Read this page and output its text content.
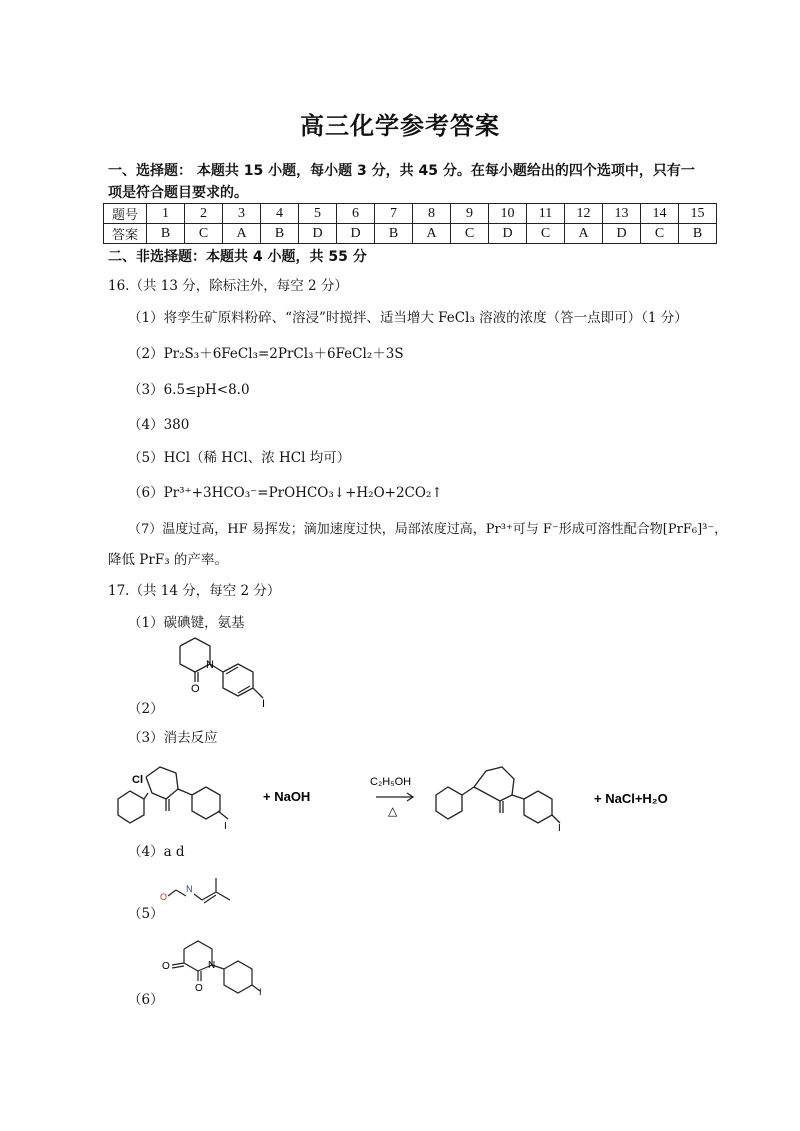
高三化学参考答案
一、选择题： 本题共 15 小题，每小题 3 分，共 45 分。在每小题给出的四个选项中，只有一项是符合题目要求的。
题号	1	2	3	4	5	6	7	8	9	10	11	12	13	14	15
答案	B	C	A	B	D	D	B	A	C	D	C	A	D	C	B
二、非选择题：本题共 4 小题，共 55 分
16.（共 13 分，除标注外，每空 2 分）
（1）将孪生矿原料粉碎、“溶浸”时搅拌、适当增大 FeCl₃ 溶液的浓度（答一点即可）（1 分）
（2）Pr₂S₃＋6FeCl₃=2PrCl₃＋6FeCl₂＋3S
（3）6.5≤pH<8.0
（4）380
（5）HCl（稀 HCl、浓 HCl 均可）
（6）Pr³⁺+3HCO₃⁻=PrOHCO₃↓+H₂O+2CO₂↑
（7）温度过高，HF 易挥发；滴加速度过快，局部浓度过高，Pr³⁺可与 F⁻形成可溶性配合物[PrF₆]³⁻，
降低 PrF₃ 的产率。
17.（共 14 分，每空 2 分）
（1）碳碘键，氨基
N
O
I
（2）
（3）消去反应
Cl
I
+ NaOH
C₂H₅OH
△
I
+ NaCl+H₂O
（4）a d
O
N
（5）
O	N
O	I
（6）
